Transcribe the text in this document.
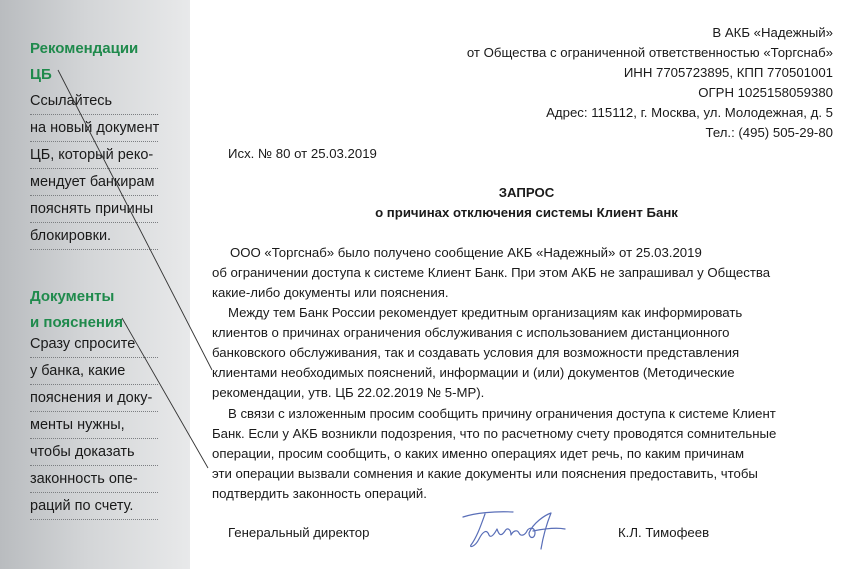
Рекомендации
ЦБ
Ссылайтесь
на новый документ
ЦБ, который реко-
мендует банкирам
пояснять причины
блокировки.
Документы
и пояснения
Сразу спросите
у банка, какие
пояснения и доку-
менты нужны,
чтобы доказать
законность опе-
раций по счету.
В АКБ «Надежный»
от Общества с ограниченной ответственностью «Торгснаб»
ИНН 7705723895, КПП 770501001
ОГРН 1025158059380
Адрес: 115112, г. Москва, ул. Молодежная, д. 5
Тел.: (495) 505-29-80
Исх. № 80 от 25.03.2019
ЗАПРОС
о причинах отключения системы Клиент Банк
ООО «Торгснаб» было получено сообщение АКБ «Надежный» от 25.03.2019
об ограничении доступа к системе Клиент Банк. При этом АКБ не запрашивал у Общества
какие-либо документы или пояснения.
Между тем Банк России рекомендует кредитным организациям как информировать
клиентов о причинах ограничения обслуживания с использованием дистанционного
банковского обслуживания, так и создавать условия для возможности представления
клиентами необходимых пояснений, информации и (или) документов (Методические
рекомендации, утв. ЦБ 22.02.2019 № 5-МР).
В связи с изложенным просим сообщить причину ограничения доступа к системе Клиент
Банк. Если у АКБ возникли подозрения, что по расчетному счету проводятся сомнительные
операции, просим сообщить, о каких именно операциях идет речь, по каким причинам
эти операции вызвали сомнения и какие документы или пояснения предоставить, чтобы
подтвердить законность операций.
Генеральный директор	К.Л. Тимофеев
